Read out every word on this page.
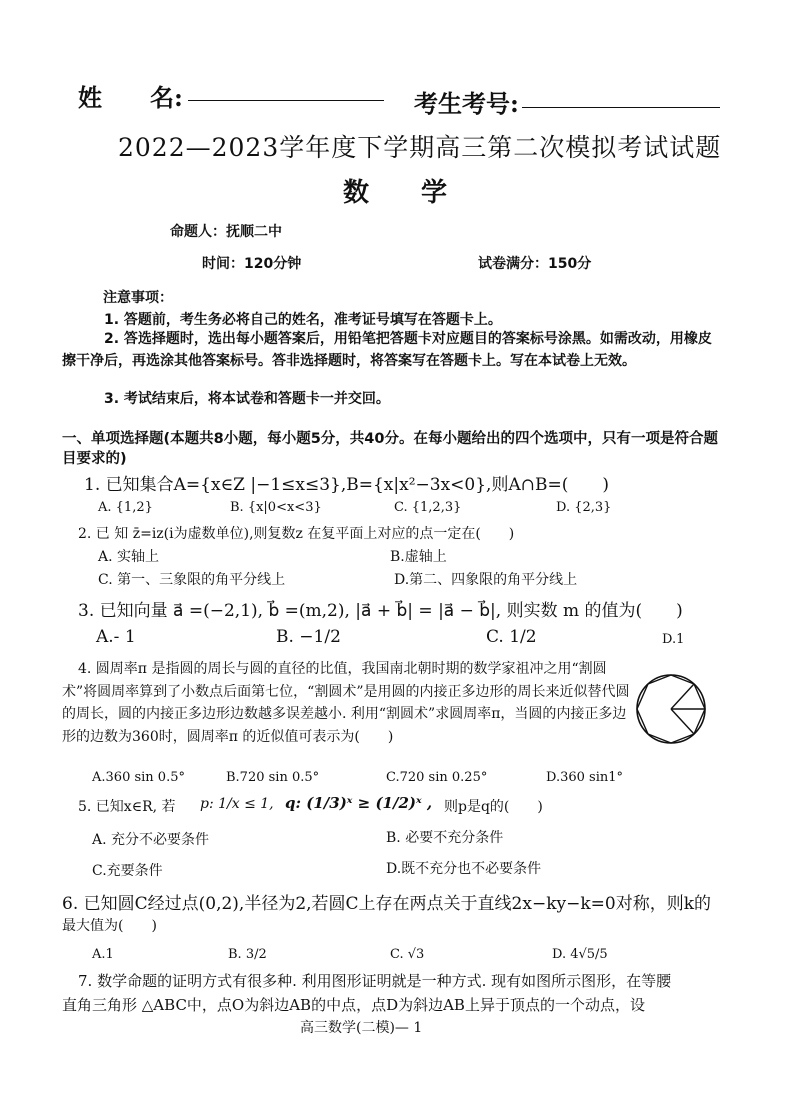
姓　　名:	考生考号:
2022—2023学年度下学期高三第二次模拟考试试题
数　　学
命题人：抚顺二中
时间：120分钟	试卷满分：150分
注意事项：
1. 答题前，考生务必将自己的姓名，准考证号填写在答题卡上。
2. 答选择题时，选出每小题答案后，用铅笔把答题卡对应题目的答案标号涂黑。如需改动，用橡皮擦干净后，再选涂其他答案标号。答非选择题时，将答案写在答题卡上。写在本试卷上无效。
3. 考试结束后，将本试卷和答题卡一并交回。
一、单项选择题(本题共8小题，每小题5分，共40分。在每小题给出的四个选项中，只有一项是符合题目要求的)
1. 已知集合A={x∈Z |−1≤x≤3},B={x|x²−3x<0},则A∩B=(　　)
A. {1,2}	B. {x|0<x<3}	C. {1,2,3}	D. {2,3}
2. 已 知 z̄=iz(i为虚数单位),则复数z 在复平面上对应的点一定在(　　)
A. 实轴上	B.虚轴上
C. 第一、三象限的角平分线上	D.第二、四象限的角平分线上
3. 已知向量 a⃗ =(−2,1), b⃗ =(m,2), |a⃗ + b⃗| = |a⃗ − b⃗|, 则实数 m 的值为(　　)
A.- 1	B. −1/2	C. 1/2	D.1
4. 圆周率π 是指圆的周长与圆的直径的比值，我国南北朝时期的数学家祖冲之用“割圆术”将圆周率算到了小数点后面第七位，“割圆术”是用圆的内接正多边形的周长来近似替代圆的周长，圆的内接正多边形边数越多误差越小. 利用“割圆术”求圆周率π，当圆的内接正多边形的边数为360时，圆周率π 的近似值可表示为(　　)
A.360 sin 0.5°	B.720 sin 0.5°	C.720 sin 0.25°	D.360 sin1°
5. 已知x∈R, 若 p: 1/x ≤ 1, q: (1/3)ˣ ≥ (1/2)ˣ , 则p是q的(　　)
A. 充分不必要条件	B. 必要不充分条件
C.充要条件	D.既不充分也不必要条件
6. 已知圆C经过点(0,2),半径为2,若圆C上存在两点关于直线2x−ky−k=0对称，则k的
最大值为(　　)
A.1	B. 3/2	C. √3	D. 4√5/5
7. 数学命题的证明方式有很多种. 利用图形证明就是一种方式. 现有如图所示图形，在等腰
直角三角形 △ABC中，点O为斜边AB的中点，点D为斜边AB上异于顶点的一个动点，设
高三数学(二模)— 1
